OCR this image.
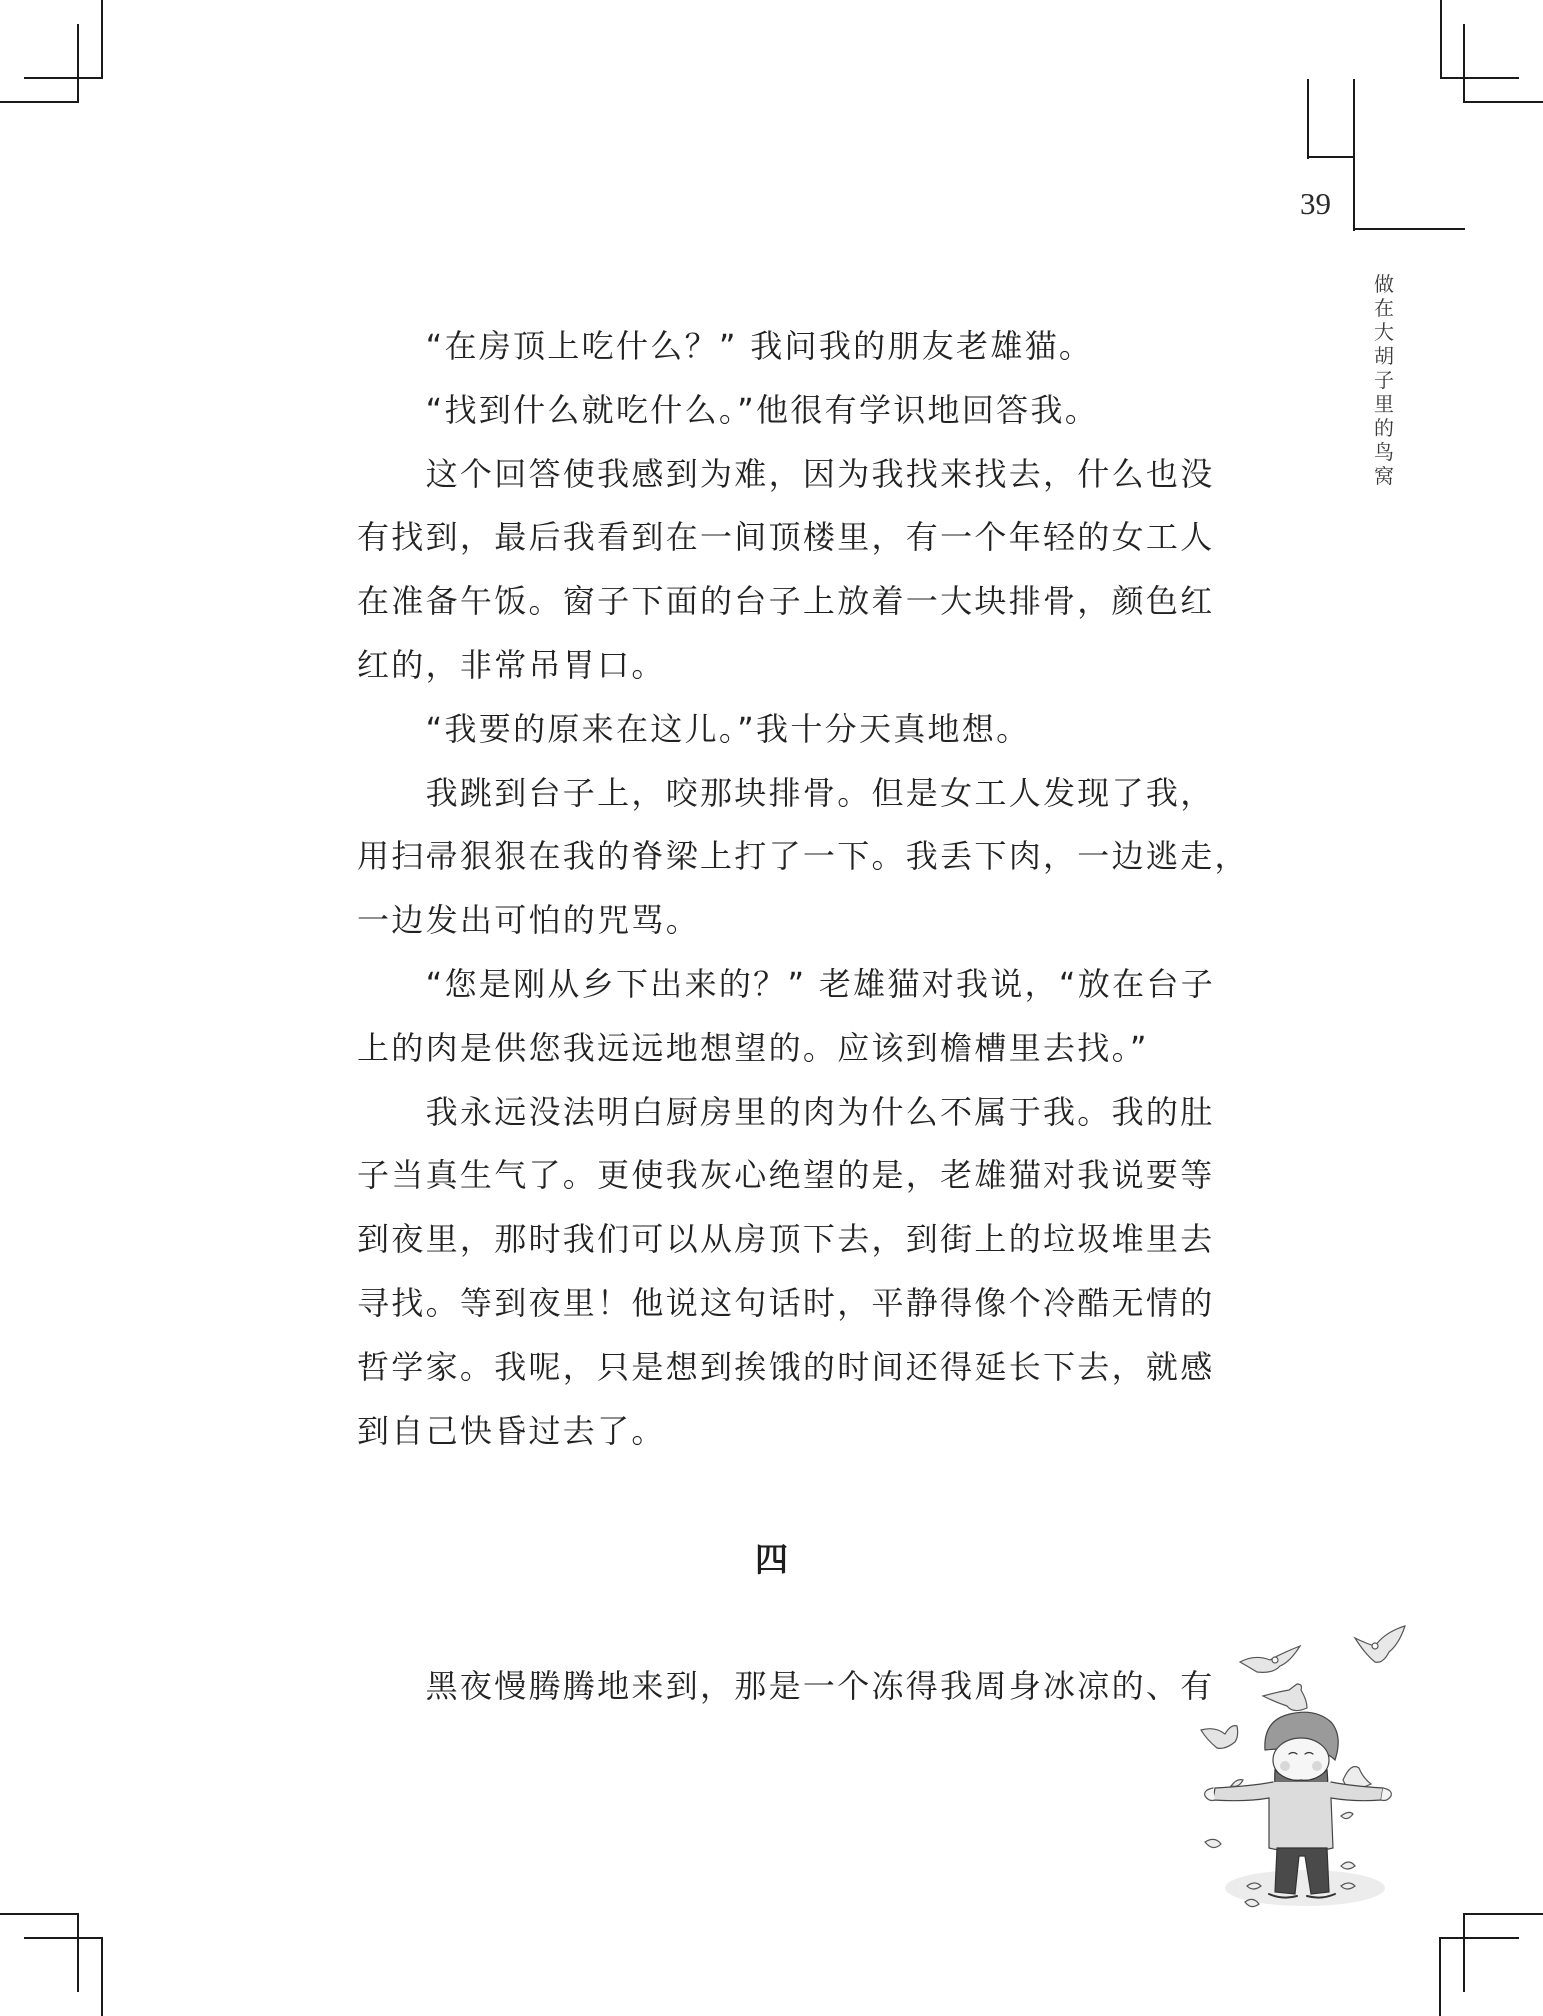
39
做
在
大
胡
子
里
的
鸟
窝
“在房顶上吃什么？” 我问我的朋友老雄猫。
“找到什么就吃什么。”他很有学识地回答我。
这个回答使我感到为难，因为我找来找去，什么也没
有找到，最后我看到在一间顶楼里，有一个年轻的女工人
在准备午饭。窗子下面的台子上放着一大块排骨，颜色红
红的，非常吊胃口。
“我要的原来在这儿。”我十分天真地想。
我跳到台子上，咬那块排骨。但是女工人发现了我，
用扫帚狠狠在我的脊梁上打了一下。我丢下肉，一边逃走，
一边发出可怕的咒骂。
“您是刚从乡下出来的？” 老雄猫对我说，“放在台子
上的肉是供您我远远地想望的。应该到檐槽里去找。”
我永远没法明白厨房里的肉为什么不属于我。我的肚
子当真生气了。更使我灰心绝望的是，老雄猫对我说要等
到夜里，那时我们可以从房顶下去，到街上的垃圾堆里去
寻找。等到夜里！他说这句话时，平静得像个冷酷无情的
哲学家。我呢，只是想到挨饿的时间还得延长下去，就感
到自己快昏过去了。
四
黑夜慢腾腾地来到，那是一个冻得我周身冰凉的、有
